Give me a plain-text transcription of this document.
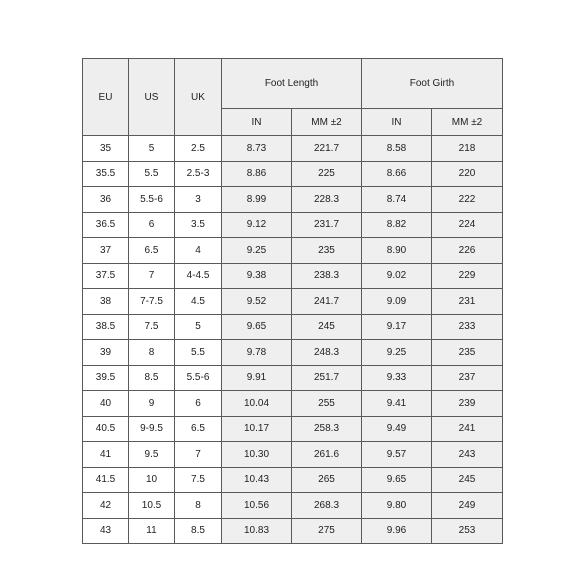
EU	US	UK	Foot Length		Foot Girth	
			IN	MM ±2	IN	MM ±2
35	5	2.5	8.73	221.7	8.58	218
35.5	5.5	2.5-3	8.86	225	8.66	220
36	5.5-6	3	8.99	228.3	8.74	222
36.5	6	3.5	9.12	231.7	8.82	224
37	6.5	4	9.25	235	8.90	226
37.5	7	4-4.5	9.38	238.3	9.02	229
38	7-7.5	4.5	9.52	241.7	9.09	231
38.5	7.5	5	9.65	245	9.17	233
39	8	5.5	9.78	248.3	9.25	235
39.5	8.5	5.5-6	9.91	251.7	9.33	237
40	9	6	10.04	255	9.41	239
40.5	9-9.5	6.5	10.17	258.3	9.49	241
41	9.5	7	10.30	261.6	9.57	243
41.5	10	7.5	10.43	265	9.65	245
42	10.5	8	10.56	268.3	9.80	249
43	11	8.5	10.83	275	9.96	253
